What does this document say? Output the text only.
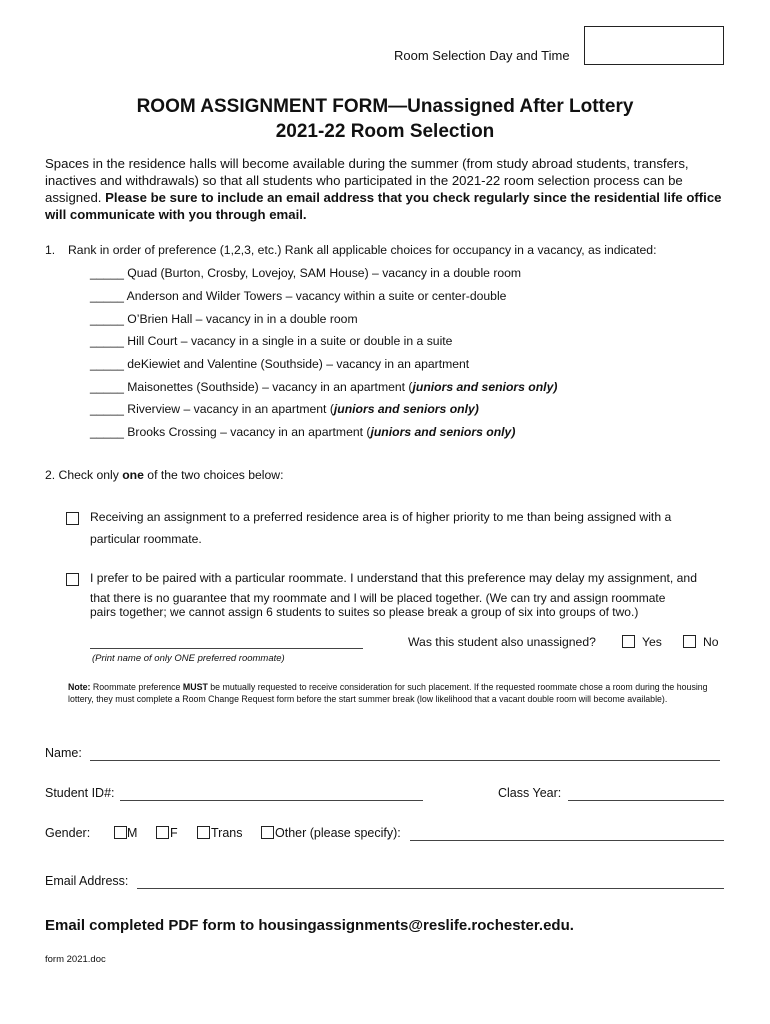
Room Selection Day and Time
ROOM ASSIGNMENT FORM—Unassigned After Lottery
2021-22 Room Selection
Spaces in the residence halls will become available during the summer (from study abroad students, transfers, inactives and withdrawals) so that all students who participated in the 2021-22 room selection process can be assigned. Please be sure to include an email address that you check regularly since the residential life office will communicate with you through email.
1. Rank in order of preference (1,2,3, etc.) Rank all applicable choices for occupancy in a vacancy, as indicated:
_____ Quad (Burton, Crosby, Lovejoy, SAM House) – vacancy in a double room
_____ Anderson and Wilder Towers – vacancy within a suite or center-double
_____ O’Brien Hall – vacancy in in a double room
_____ Hill Court – vacancy in a single in a suite or double in a suite
_____ deKiewiet and Valentine (Southside) – vacancy in an apartment
_____ Maisonettes (Southside) – vacancy in an apartment (juniors and seniors only)
_____ Riverview – vacancy in an apartment (juniors and seniors only)
_____ Brooks Crossing – vacancy in an apartment (juniors and seniors only)
2. Check only one of the two choices below:
Receiving an assignment to a preferred residence area is of higher priority to me than being assigned with a
particular roommate.
I prefer to be paired with a particular roommate. I understand that this preference may delay my assignment, and
that there is no guarantee that my roommate and I will be placed together. (We can try and assign roommate
pairs together; we cannot assign 6 students to suites so please break a group of six into groups of two.)
(Print name of only ONE preferred roommate)
Was this student also unassigned?	Yes	No
Note: Roommate preference MUST be mutually requested to receive consideration for such placement. If the requested roommate chose a room during the housing lottery, they must complete a Room Change Request form before the start summer break (low likelihood that a vacant double room will become available).
Name:
Student ID#:	Class Year:
Gender:	M	F	Trans	Other (please specify):
Email Address:
Email completed PDF form to housingassignments@reslife.rochester.edu.
form 2021.doc
